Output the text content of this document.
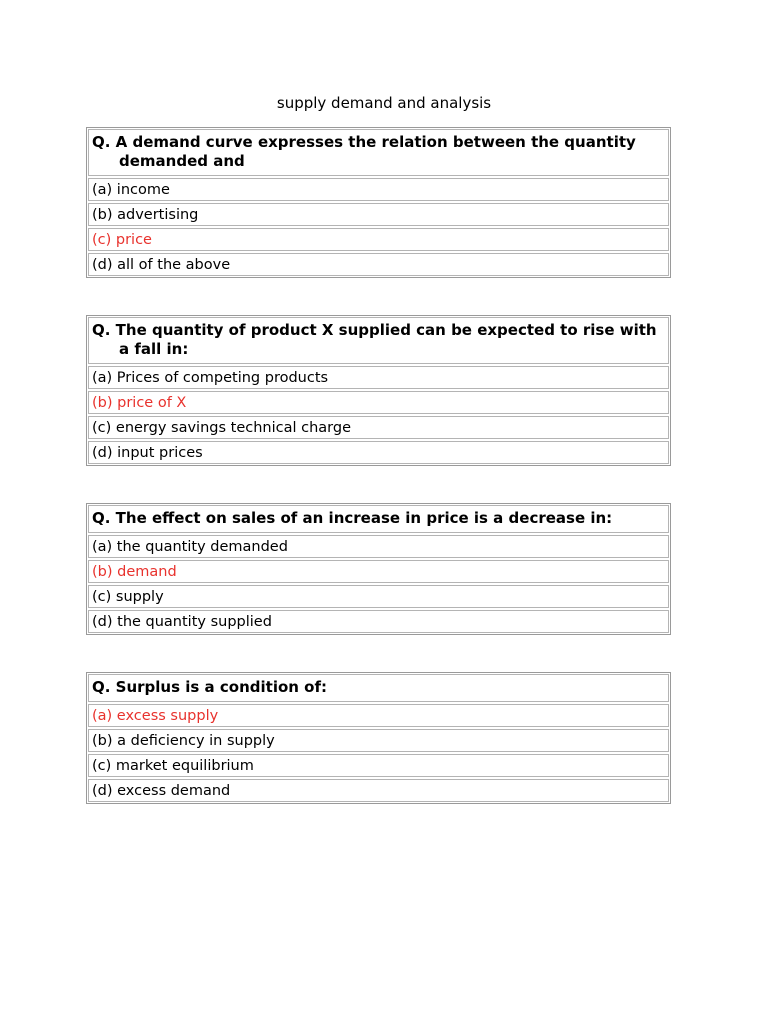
supply demand and analysis
Q. A demand curve expresses the relation between the quantity demanded and
(a) income
(b) advertising
(c) price
(d) all of the above
Q. The quantity of product X supplied can be expected to rise with a fall in:
(a) Prices of competing products
(b) price of X
(c) energy savings technical charge
(d) input prices
Q. The effect on sales of an increase in price is a decrease in:
(a) the quantity demanded
(b) demand
(c) supply
(d) the quantity supplied
Q. Surplus is a condition of:
(a) excess supply
(b) a deficiency in supply
(c) market equilibrium
(d) excess demand
